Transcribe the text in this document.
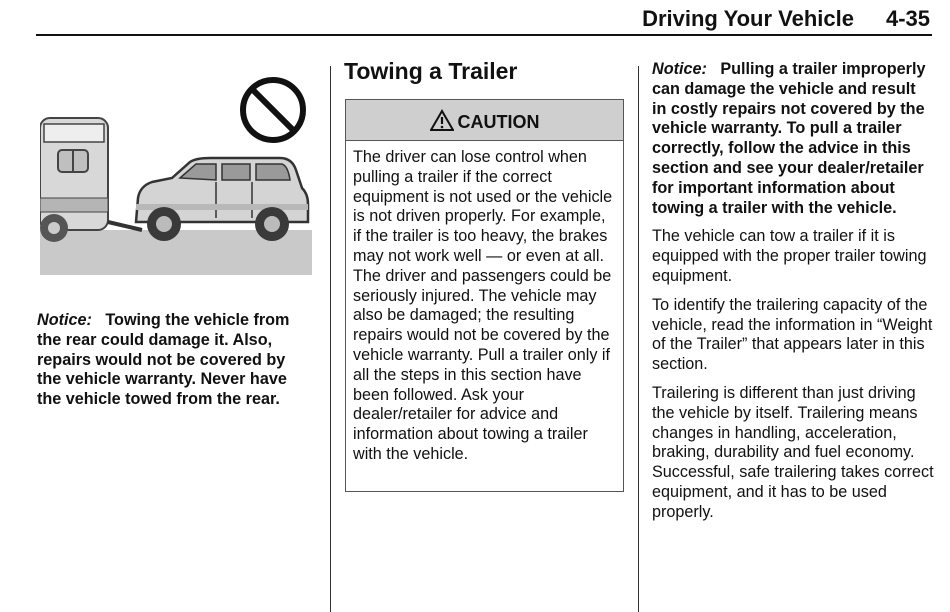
Driving Your Vehicle 4-35
Notice: Towing the vehicle from the rear could damage it. Also, repairs would not be covered by the vehicle warranty. Never have the vehicle towed from the rear.
Towing a Trailer
CAUTION
The driver can lose control when pulling a trailer if the correct equipment is not used or the vehicle is not driven properly. For example, if the trailer is too heavy, the brakes may not work well — or even at all. The driver and passengers could be seriously injured. The vehicle may also be damaged; the resulting repairs would not be covered by the vehicle warranty. Pull a trailer only if all the steps in this section have been followed. Ask your dealer/retailer for advice and information about towing a trailer with the vehicle.

Notice: Pulling a trailer improperly can damage the vehicle and result in costly repairs not covered by the vehicle warranty. To pull a trailer correctly, follow the advice in this section and see your dealer/retailer for important information about towing a trailer with the vehicle.

The vehicle can tow a trailer if it is equipped with the proper trailer towing equipment.

To identify the trailering capacity of the vehicle, read the information in “Weight of the Trailer” that appears later in this section.

Trailering is different than just driving the vehicle by itself. Trailering means changes in handling, acceleration, braking, durability and fuel economy. Successful, safe trailering takes correct equipment, and it has to be used properly.
